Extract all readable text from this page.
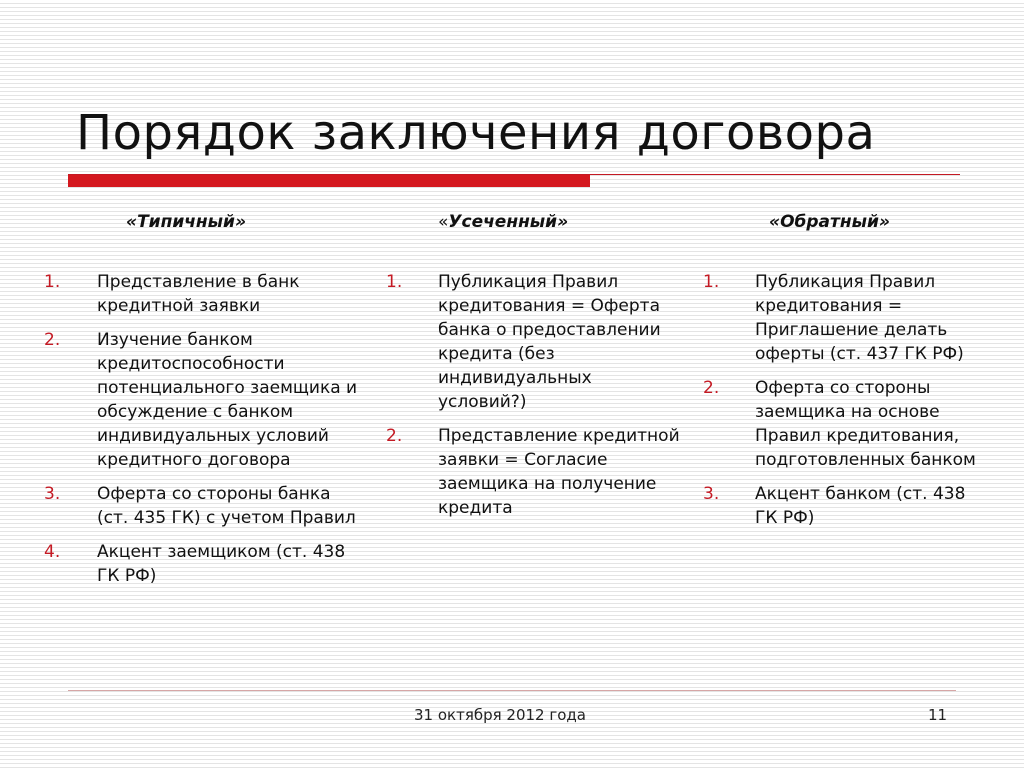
Порядок заключения договора
«Типичный»
1. Представление в банк кредитной заявки
2. Изучение банком кредитоспособности потенциального заемщика и обсуждение с банком индивидуальных условий кредитного договора
3. Оферта со стороны банка (ст. 435 ГК) с учетом Правил
4. Акцент заемщиком (ст. 438 ГК РФ)
«Усеченный»
1. Публикация Правил кредитования = Оферта банка о предоставлении кредита (без индивидуальных условий?)
2. Представление кредитной заявки = Согласие заемщика на получение кредита
«Обратный»
1. Публикация Правил кредитования = Приглашение делать оферты (ст. 437 ГК РФ)
2. Оферта со стороны заемщика на основе Правил кредитования, подготовленных банком
3. Акцент банком (ст. 438 ГК РФ)
31 октября 2012 года	11
